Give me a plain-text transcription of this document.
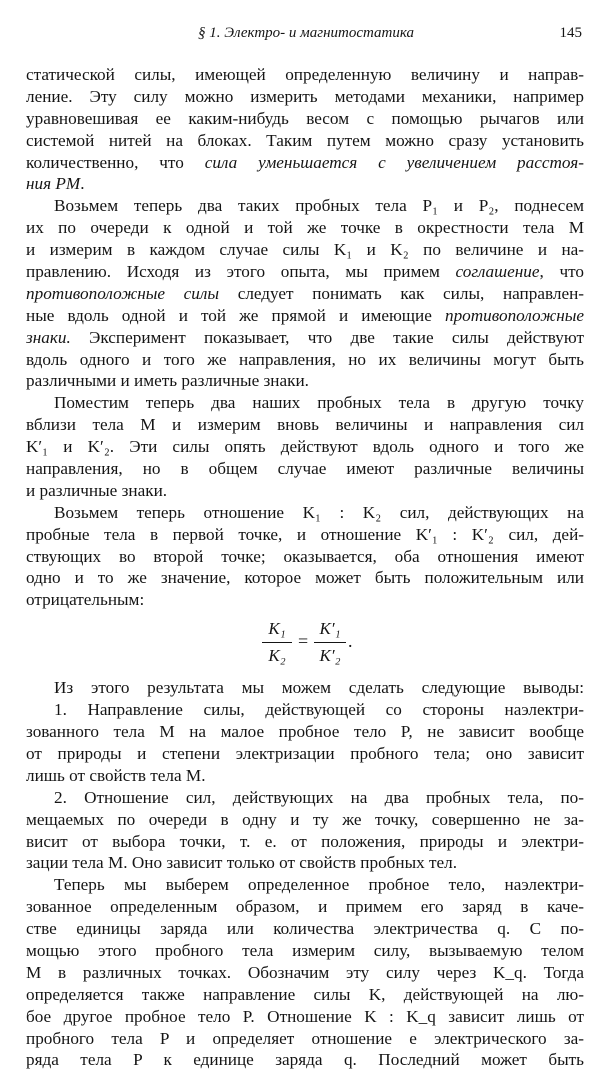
§ 1. Электро- и магнитостатика	145
статической силы, имеющей определенную величину и направ-
ление. Эту силу можно измерить методами механики, например
уравновешивая ее каким-нибудь весом с помощью рычагов или
системой нитей на блоках. Таким путем можно сразу установить
количественно, что сила уменьшается с увеличением расстоя-
ния PM.
Возьмем теперь два таких пробных тела P₁ и P₂, поднесем
их по очереди к одной и той же точке в окрестности тела M
и измерим в каждом случае силы K₁ и K₂ по величине и на-
правлению. Исходя из этого опыта, мы примем соглашение, что
противоположные силы следует понимать как силы, направлен-
ные вдоль одной и той же прямой и имеющие противоположные
знаки. Эксперимент показывает, что две такие силы действуют
вдоль одного и того же направления, но их величины могут быть
различными и иметь различные знаки.
Поместим теперь два наших пробных тела в другую точку
вблизи тела M и измерим вновь величины и направления сил
K′₁ и K′₂. Эти силы опять действуют вдоль одного и того же
направления, но в общем случае имеют различные величины
и различные знаки.
Возьмем теперь отношение K₁ : K₂ сил, действующих на
пробные тела в первой точке, и отношение K′₁ : K′₂ сил, дей-
ствующих во второй точке; оказывается, оба отношения имеют
одно и то же значение, которое может быть положительным или
отрицательным:
K₁
K₂
=
K′₁
K′₂
.
Из этого результата мы можем сделать следующие выводы:
1. Направление силы, действующей со стороны наэлектри-
зованного тела M на малое пробное тело P, не зависит вообще
от природы и степени электризации пробного тела; оно зависит
лишь от свойств тела M.
2. Отношение сил, действующих на два пробных тела, по-
мещаемых по очереди в одну и ту же точку, совершенно не за-
висит от выбора точки, т. е. от положения, природы и электри-
зации тела M. Оно зависит только от свойств пробных тел.
Теперь мы выберем определенное пробное тело, наэлектри-
зованное определенным образом, и примем его заряд в каче-
стве единицы заряда или количества электричества q. С по-
мощью этого пробного тела измерим силу, вызываемую телом
M в различных точках. Обозначим эту силу через K_q. Тогда
определяется также направление силы K, действующей на лю-
бое другое пробное тело P. Отношение K : K_q зависит лишь от
пробного тела P и определяет отношение e электрического за-
ряда тела P к единице заряда q. Последний может быть
